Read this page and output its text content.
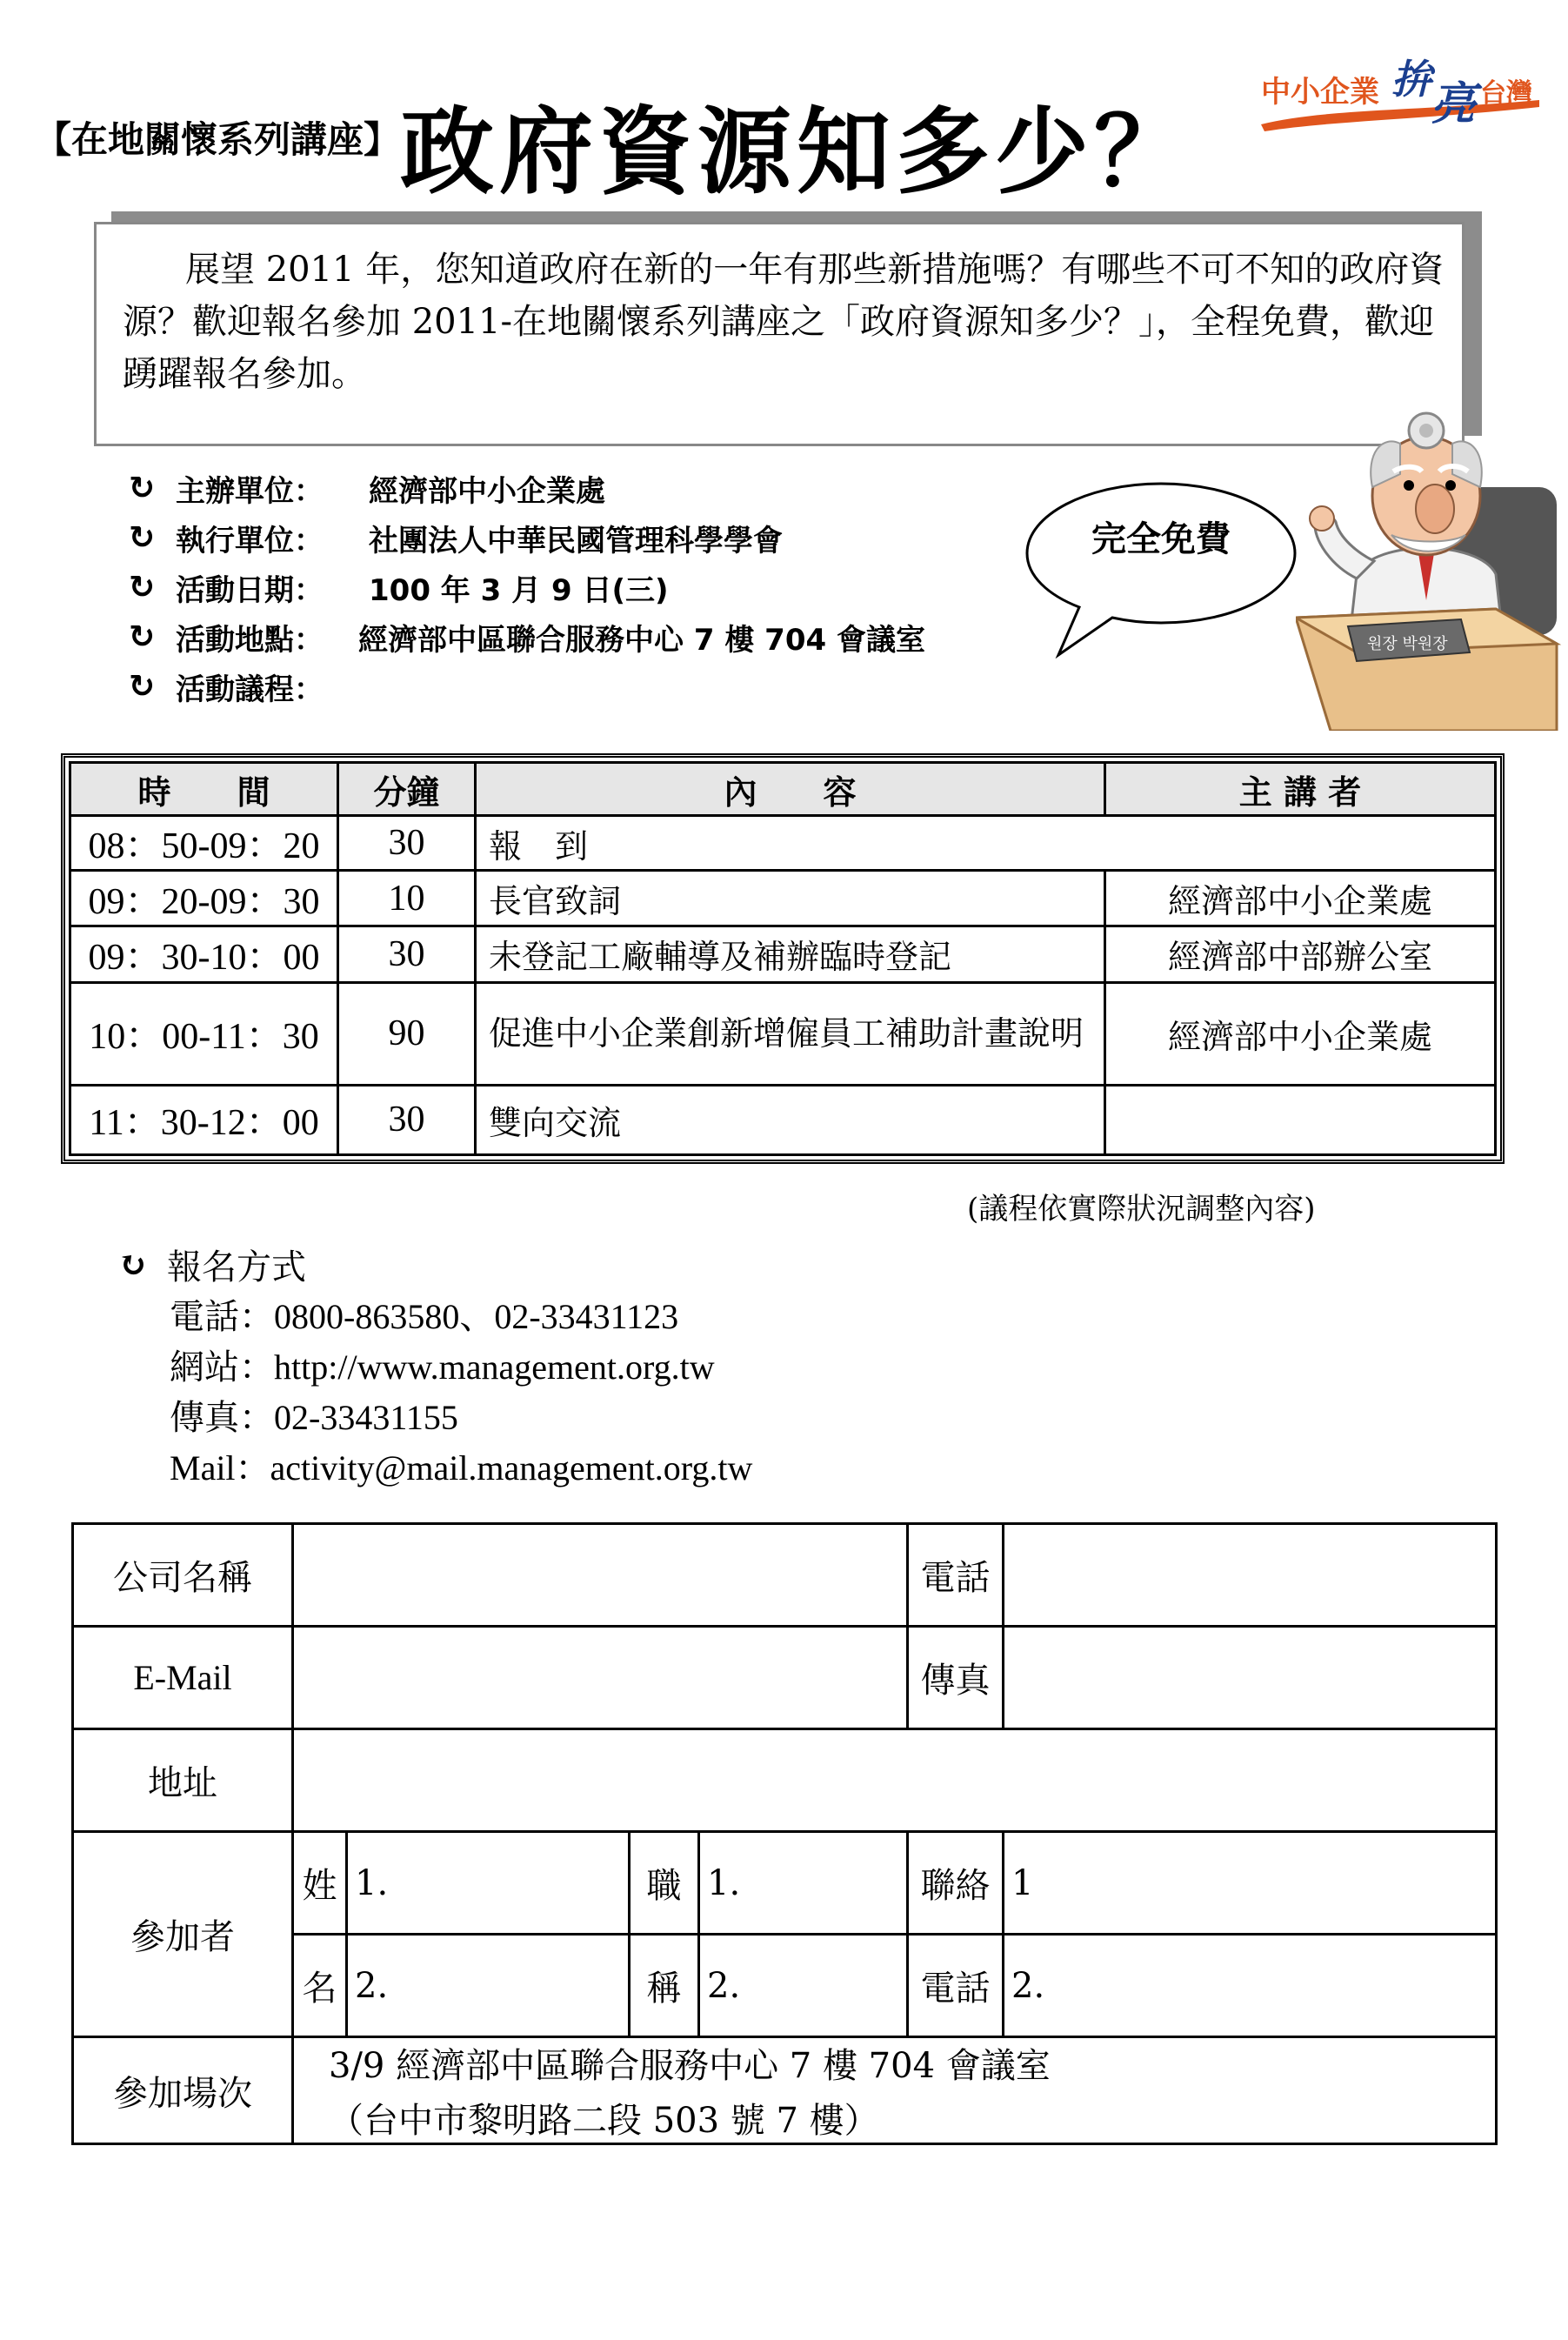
【在地關懷系列講座】 政府資源知多少？
中小企業 拚 亮 台灣
展望 2011 年，您知道政府在新的一年有那些新措施嗎？有哪些不可不知的政府資源？歡迎報名參加 2011-在地關懷系列講座之「政府資源知多少？」，全程免費，歡迎踴躍報名參加。
↻ 主辦單位：	經濟部中小企業處
↻ 執行單位：	社團法人中華民國管理科學學會
↻ 活動日期：	100 年 3 月 9 日(三)
↻ 活動地點：	經濟部中區聯合服務中心 7 樓 704 會議室
↻ 活動議程：
完全免費
원장 박원장
時　　間	分鐘	內　　容	主 講 者
08：50-09：20	30	報　到	
09：20-09：30	10	長官致詞	經濟部中小企業處
09：30-10：00	30	未登記工廠輔導及補辦臨時登記	經濟部中部辦公室
10：00-11：30	90	促進中小企業創新增僱員工補助計畫說明	經濟部中小企業處
11：30-12：00	30	雙向交流	
(議程依實際狀況調整內容)
↻ 報名方式
電話：0800-863580、02-33431123
網站：http://www.management.org.tw
傳真：02-33431155
Mail：activity@mail.management.org.tw
公司名稱					電話	
E-Mail					傳真	
地址						
參加者	姓	1.	職	1.	聯絡	1
	名	2.	稱	2.	電話	2.
參加場次	3/9 經濟部中區聯合服務中心 7 樓 704 會議室
（台中市黎明路二段 503 號 7 樓）					
